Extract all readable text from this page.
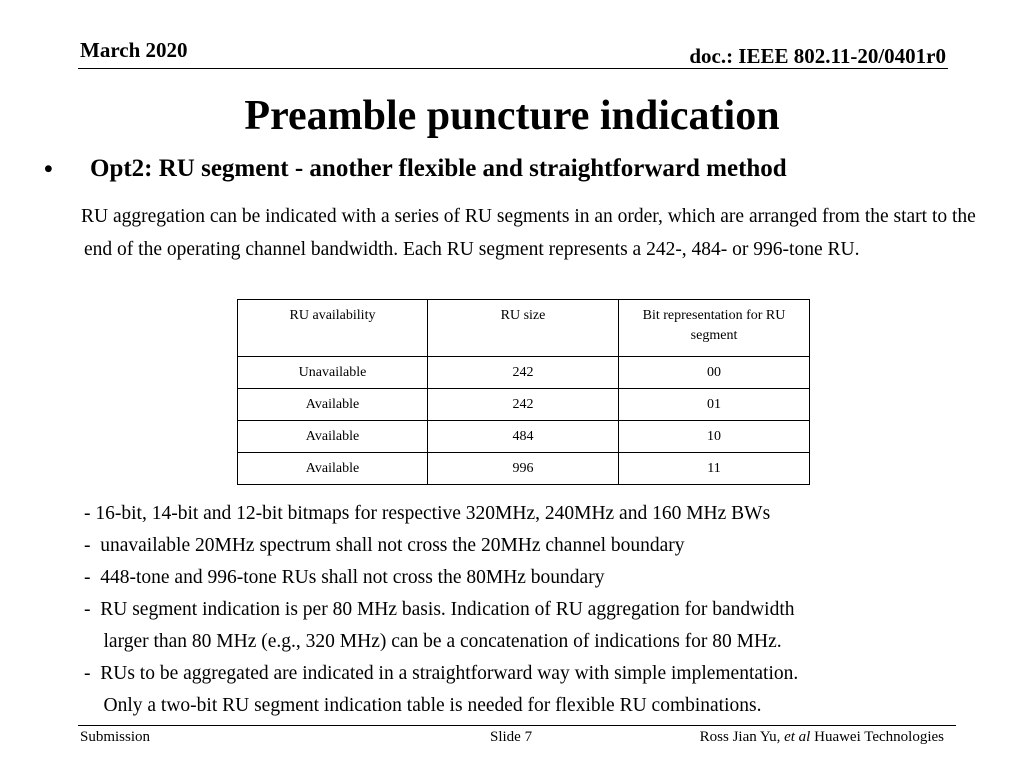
March 2020	doc.: IEEE 802.11-20/0401r0
Preamble puncture indication
• Opt2: RU segment - another flexible and straightforward method
RU aggregation can be indicated with a series of RU segments in an order, which are arranged from the start to the end of the operating channel bandwidth. Each RU segment represents a 242-, 484- or 996-tone RU.
RU availability	RU size	Bit representation for RU segment
Unavailable	242	00
Available	242	01
Available	484	10
Available	996	11
- 16-bit, 14-bit and 12-bit bitmaps for respective 320MHz, 240MHz and 160 MHz BWs
-  unavailable 20MHz spectrum shall not cross the 20MHz channel boundary
-  448-tone and 996-tone RUs shall not cross the 80MHz boundary
-  RU segment indication is per 80 MHz basis. Indication of RU aggregation for bandwidth
larger than 80 MHz (e.g., 320 MHz) can be a concatenation of indications for 80 MHz.
-  RUs to be aggregated are indicated in a straightforward way with simple implementation.
Only a two-bit RU segment indication table is needed for flexible RU combinations.
Submission	Slide 7	Ross Jian Yu, et al Huawei Technologies
